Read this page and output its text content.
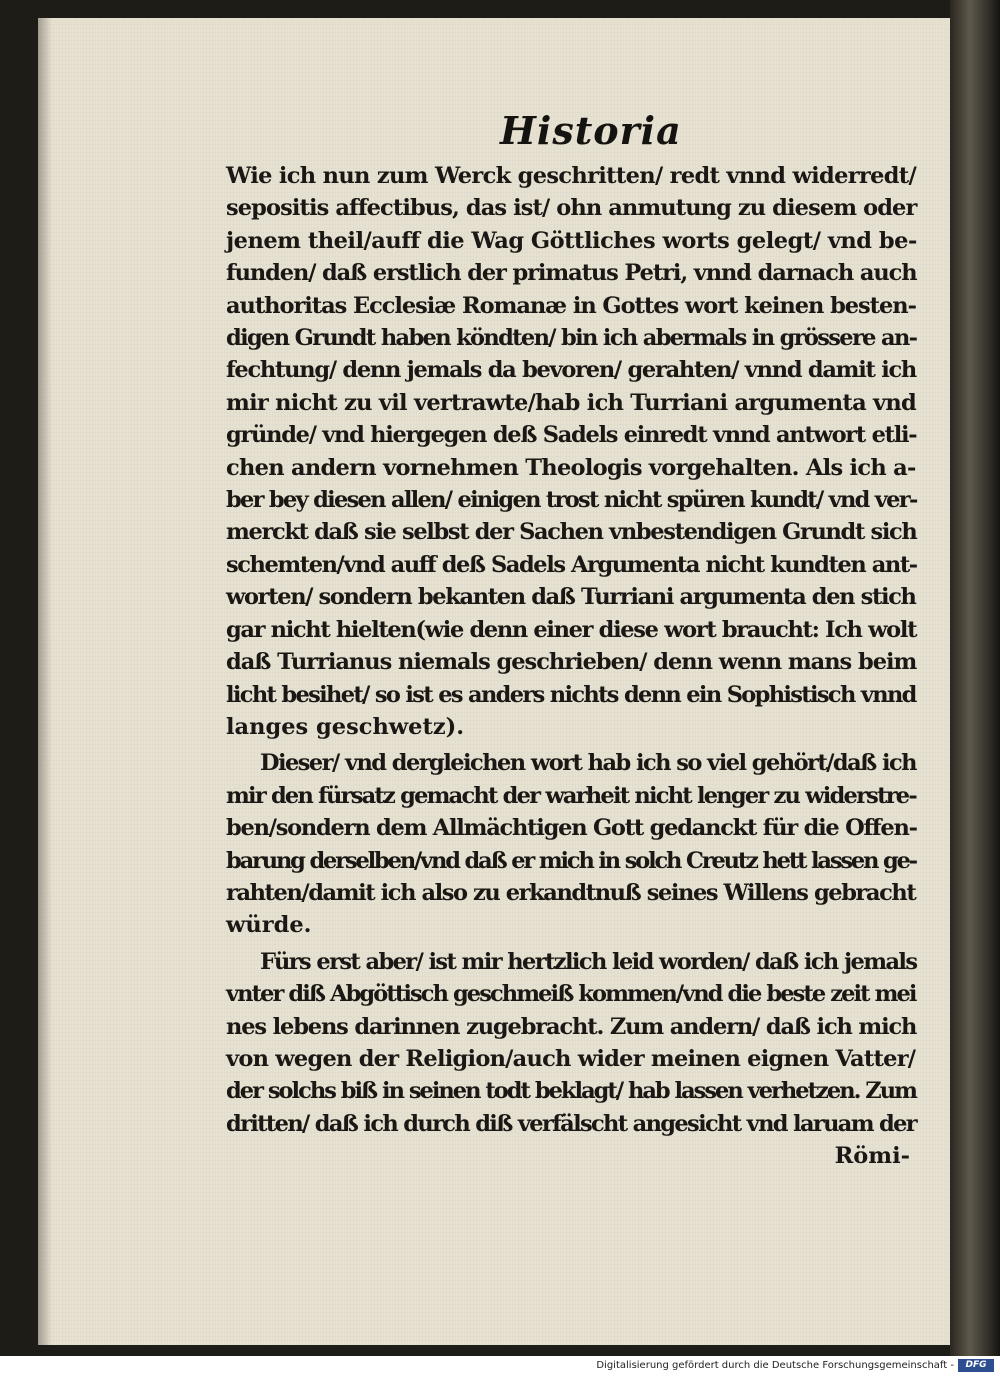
Historia
Wie ich nun zum Werck geschritten/ redt vnnd widerredt/
sepositis affectibus, das ist/ ohn anmutung zu diesem oder
jenem theil/auff die Wag Göttliches worts gelegt/ vnd be-
funden/ daß erstlich der primatus Petri, vnnd darnach auch
authoritas Ecclesiæ Romanæ in Gottes wort keinen besten-
digen Grundt haben köndten/ bin ich abermals in grössere an-
fechtung/ denn jemals da bevoren/ gerahten/ vnnd damit ich
mir nicht zu vil vertrawte/hab ich Turriani argumenta vnd
gründe/ vnd hiergegen deß Sadels einredt vnnd antwort etli-
chen andern vornehmen Theologis vorgehalten. Als ich a-
ber bey diesen allen/ einigen trost nicht spüren kundt/ vnd ver-
merckt daß sie selbst der Sachen vnbestendigen Grundt sich
schemten/vnd auff deß Sadels Argumenta nicht kundten ant-
worten/ sondern bekanten daß Turriani argumenta den stich
gar nicht hielten(wie denn einer diese wort braucht: Ich wolt
daß Turrianus niemals geschrieben/ denn wenn mans beim
licht besihet/ so ist es anders nichts denn ein Sophistisch vnnd
langes geschwetz).
Dieser/ vnd dergleichen wort hab ich so viel gehört/daß ich
mir den fürsatz gemacht der warheit nicht lenger zu widerstre-
ben/sondern dem Allmächtigen Gott gedanckt für die Offen-
barung derselben/vnd daß er mich in solch Creutz hett lassen ge-
rahten/damit ich also zu erkandtnuß seines Willens gebracht
würde.
Fürs erst aber/ ist mir hertzlich leid worden/ daß ich jemals
vnter diß Abgöttisch geschmeiß kommen/vnd die beste zeit mei
nes lebens darinnen zugebracht. Zum andern/ daß ich mich
von wegen der Religion/auch wider meinen eignen Vatter/
der solchs biß in seinen todt beklagt/ hab lassen verhetzen. Zum
dritten/ daß ich durch diß verfälscht angesicht vnd laruam der
Römi-
Digitalisierung gefördert durch die Deutsche Forschungsgemeinschaft -	DFG
